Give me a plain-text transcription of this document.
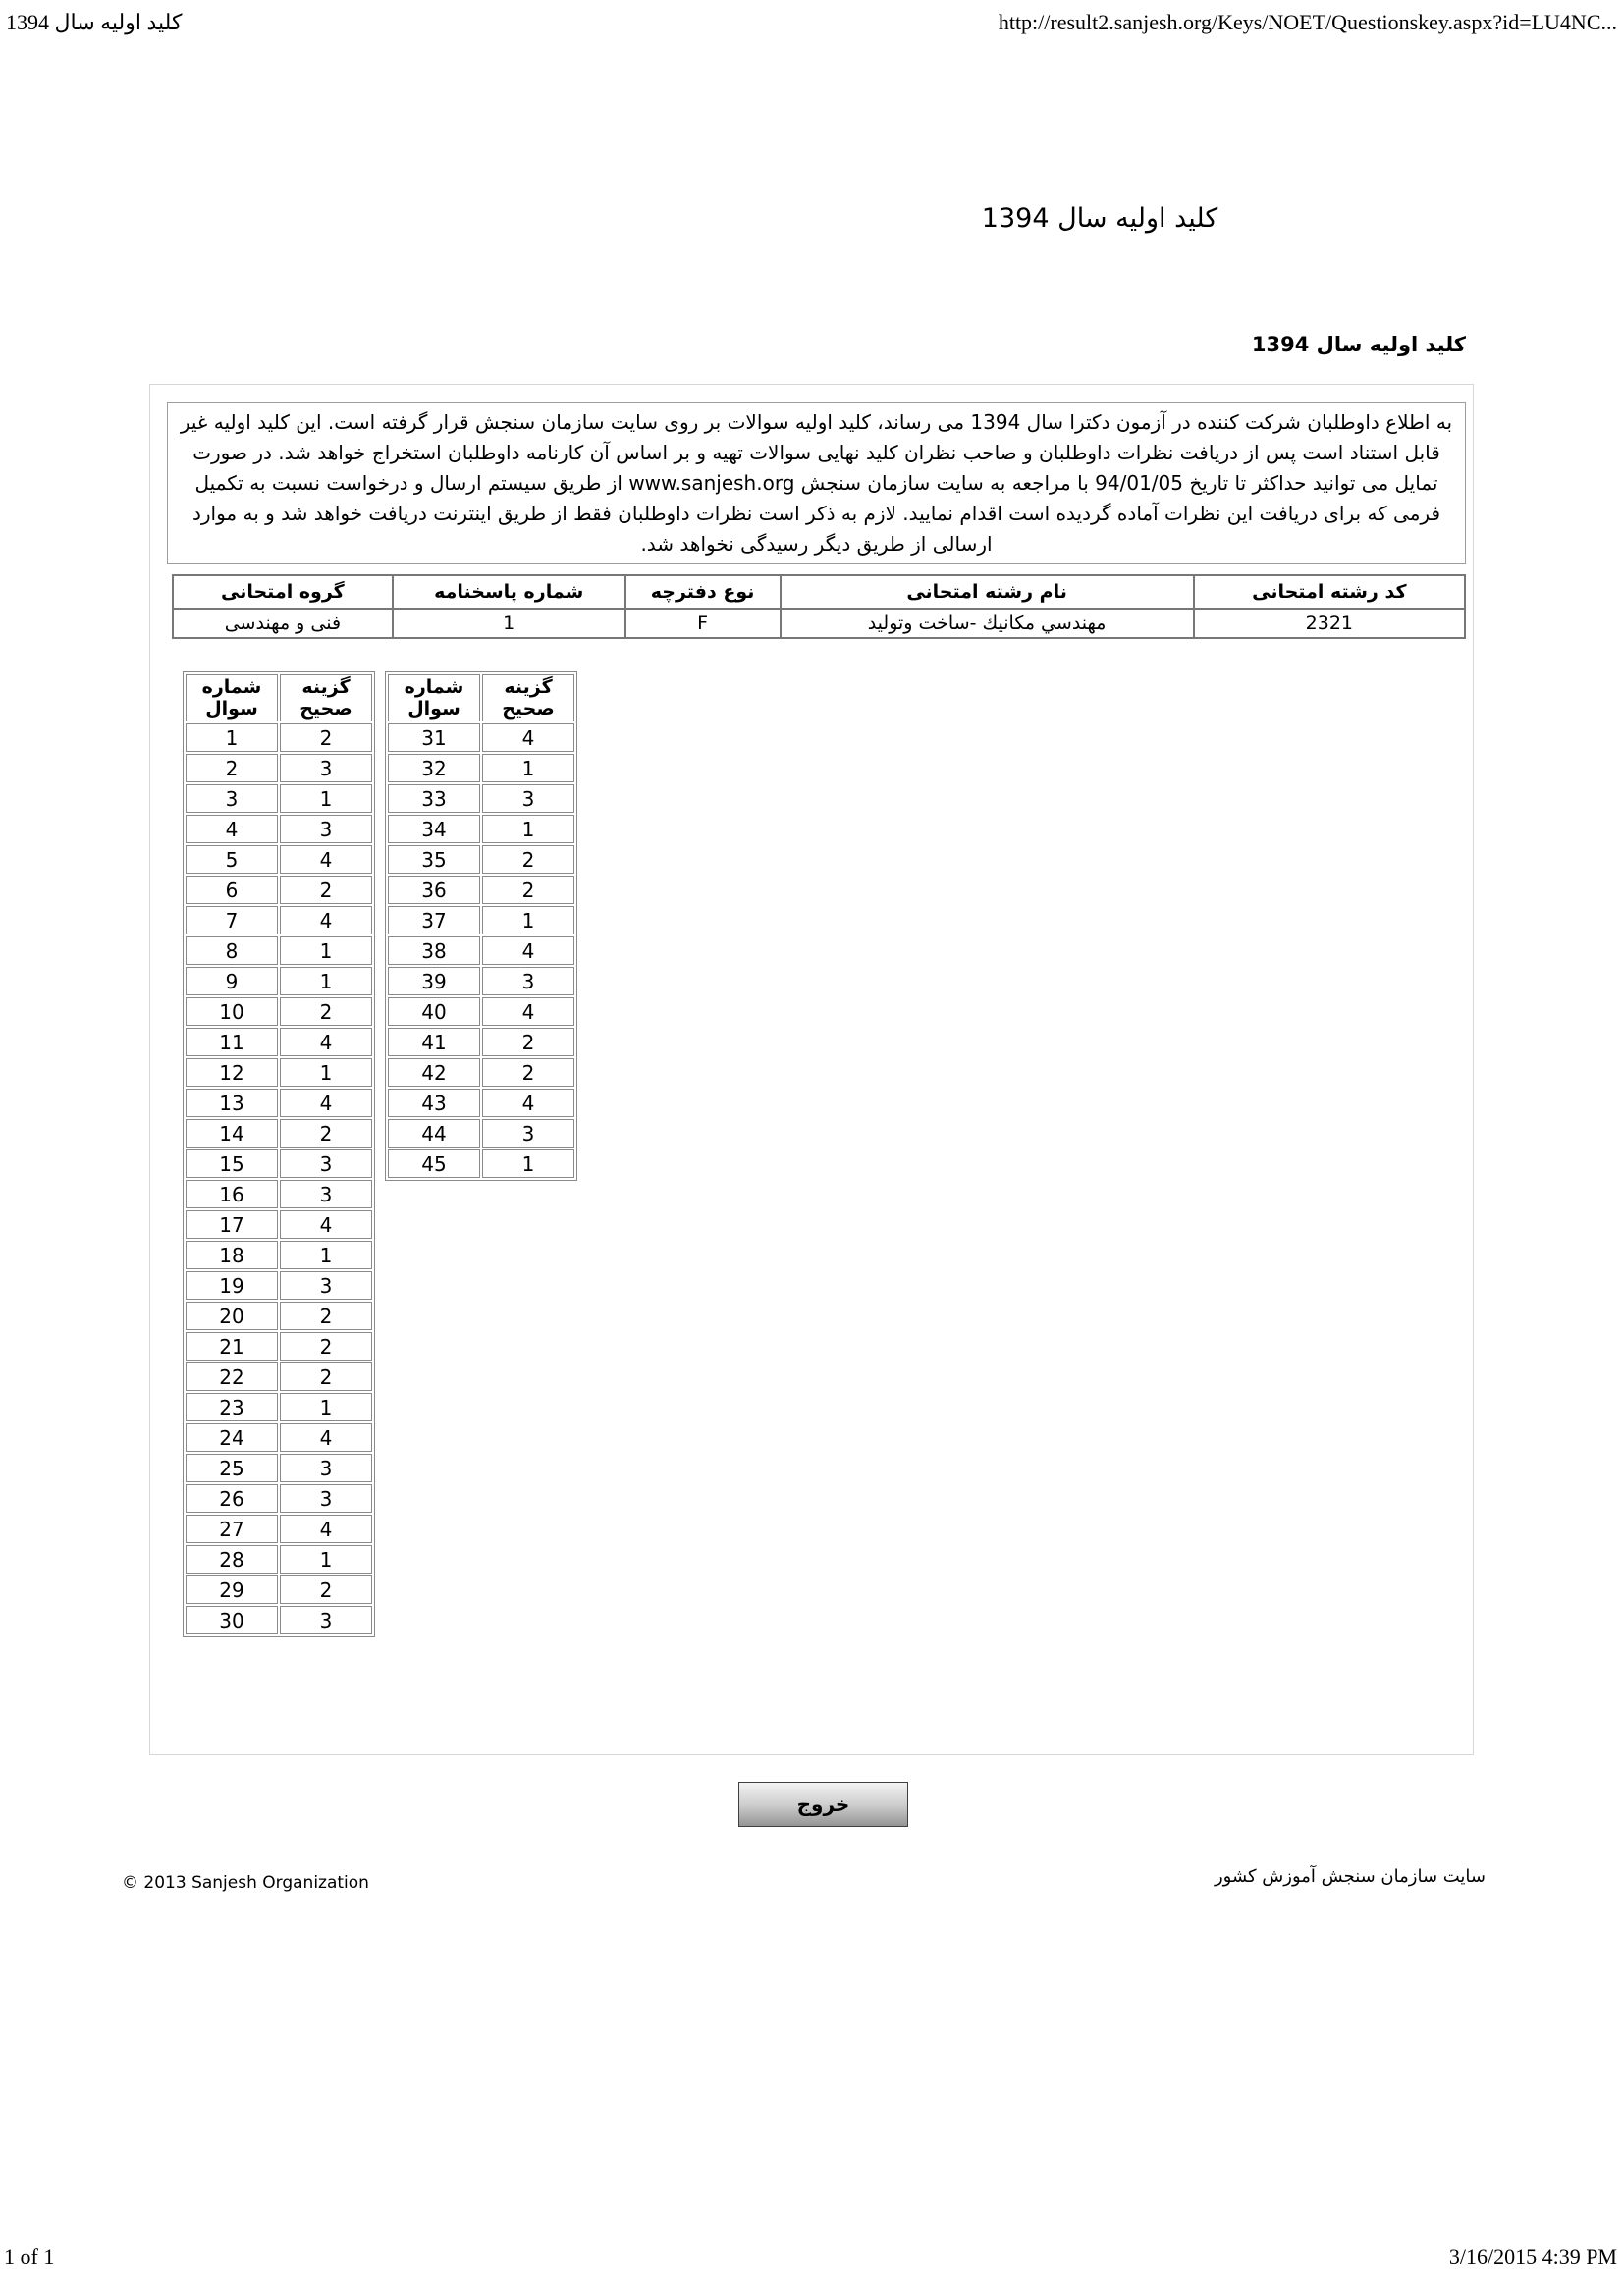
کلید اولیه سال 1394	http://result2.sanjesh.org/Keys/NOET/Questionskey.aspx?id=LU4NC...
کلید اولیه سال 1394
کلید اولیه سال 1394
به اطلاع داوطلبان شرکت کننده در آزمون دکترا سال 1394 می رساند، کلید اولیه سوالات بر روی سایت سازمان سنجش قرار گرفته است. این کلید اولیه غیر قابل استناد است پس از دریافت نظرات داوطلبان و صاحب نظران کلید نهایی سوالات تهیه و بر اساس آن کارنامه داوطلبان استخراج خواهد شد. در صورت تمایل می توانید حداکثر تا تاریخ 94/01/05 با مراجعه به سایت سازمان سنجش www.sanjesh.org از طریق سیستم ارسال و درخواست نسبت به تکمیل فرمی که برای دریافت این نظرات آماده گردیده است اقدام نمایید. لازم به ذکر است نظرات داوطلبان فقط از طریق اینترنت دریافت خواهد شد و به موارد ارسالی از طریق دیگر رسیدگی نخواهد شد.
کد رشته امتحانی	نام رشته امتحانی	نوع دفترچه	شماره پاسخنامه	گروه امتحانی
2321	مهندسي مكانيك -ساخت وتوليد	F	1	فنی و مهندسی
شماره سوال	گزینه صحیح
1	2
2	3
3	1
4	3
5	4
6	2
7	4
8	1
9	1
10	2
11	4
12	1
13	4
14	2
15	3
16	3
17	4
18	1
19	3
20	2
21	2
22	2
23	1
24	4
25	3
26	3
27	4
28	1
29	2
30	3
شماره سوال	گزینه صحیح
31	4
32	1
33	3
34	1
35	2
36	2
37	1
38	4
39	3
40	4
41	2
42	2
43	4
44	3
45	1
خروج
© 2013 Sanjesh Organization	سایت سازمان سنجش آموزش کشور
1 of 1	3/16/2015 4:39 PM
